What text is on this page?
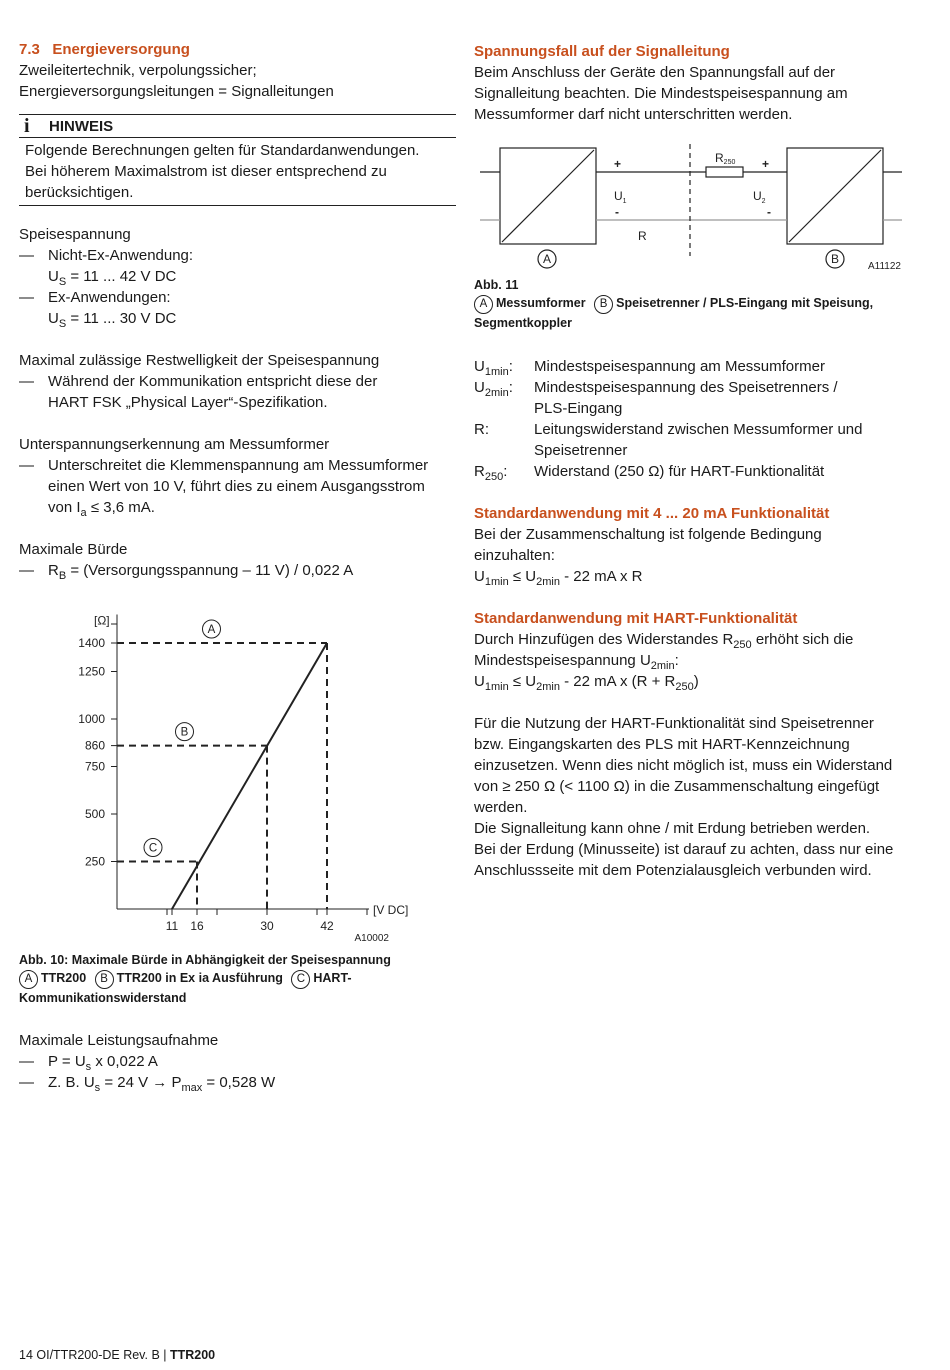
7.3 Energieversorgung

Zweileitertechnik, verpolungssicher;

Energieversorgungsleitungen = Signalleitungen

i	HINWEIS
Folgende Berechnungen gelten für Standardanwendungen.
Bei höherem Maximalstrom ist dieser entsprechend zu
berücksichtigen.

Speisespannung

— Nicht-Ex-Anwendung:
$U_S = 11$ ... 42 V DC
— Ex-Anwendungen:
$U_S = 11$ ... 30 V DC

Maximal zulässige Restwelligkeit der Speisespannung

— Während der Kommunikation entspricht diese der
HART FSK „Physical Layer“-Spezifikation.

Unterspannungserkennung am Messumformer

— Unterschreitet die Klemmenspannung am Messumformer
einen Wert von 10 V, führt dies zu einem Ausgangsstrom
von $I_a \le 3,6$ mA.

Maximale Bürde

— $R_B$ = (Versorgungsspannung – 11 V) / 0,022 A
250
500
750
860
1000
1250
1400
11 16	30	42
[Ω]
[V DC]
A10002
A
B
C
Abb. 10: Maximale Bürde in Abhängigkeit der Speisespannung
A TTR200 B TTR200 in Ex ia Ausführung C HART-
Kommunikationswiderstand

Maximale Leistungsaufnahme

— $P = U_s$ x 0,022 A
— Z. B. $U_s = 24$ $V \to P_{max} = 0,528$ W

Spannungsfall auf der Signalleitung

Beim Anschluss der Geräte den Spannungsfall auf der

Signalleitung beachten. Die Mindestspeisespannung am

Messumformer darf nicht unterschritten werden.

+	+
$U_1$
-
$U_2$
-
R
R250
A	B
A11122
Abb. 11
A Messumformer B Speisetrenner / PLS-Eingang mit Speisung,
Segmentkoppler
$U_{1min}$:	Mindestspeisespannung am Messumformer
$U_{2min}$:	Mindestspeisespannung des Speisetrenners /
PLS-Eingang
R:	Leitungswiderstand zwischen Messumformer und
Speisetrenner
$R_{250}$:	Widerstand (250 Ω) für HART-Funktionalität

Standardanwendung mit 4 ... 20 mA Funktionalität

Bei der Zusammenschaltung ist folgende Bedingung

einzuhalten:

$U_{1min} \le U_{2min} - 22$ mA x R

Standardanwendung mit HART-Funktionalität

Durch Hinzufügen des Widerstandes $R_{250}$ erhöht sich die

Mindestspeisespannung $U_{2min}$:

$U_{1min} \le U_{2min} - 22$ mA x $(R + R_{250})$

Für die Nutzung der HART-Funktionalität sind Speisetrenner

bzw. Eingangskarten des PLS mit HART-Kennzeichnung

einzusetzen. Wenn dies nicht möglich ist, muss ein Widerstand

von ≥ 250 Ω (< 1100 Ω) in die Zusammenschaltung eingefügt

werden.

Die Signalleitung kann ohne / mit Erdung betrieben werden.

Bei der Erdung (Minusseite) ist darauf zu achten, dass nur eine

Anschlussseite mit dem Potenzialausgleich verbunden wird.

14 OI/TTR200-DE Rev. B | TTR200
